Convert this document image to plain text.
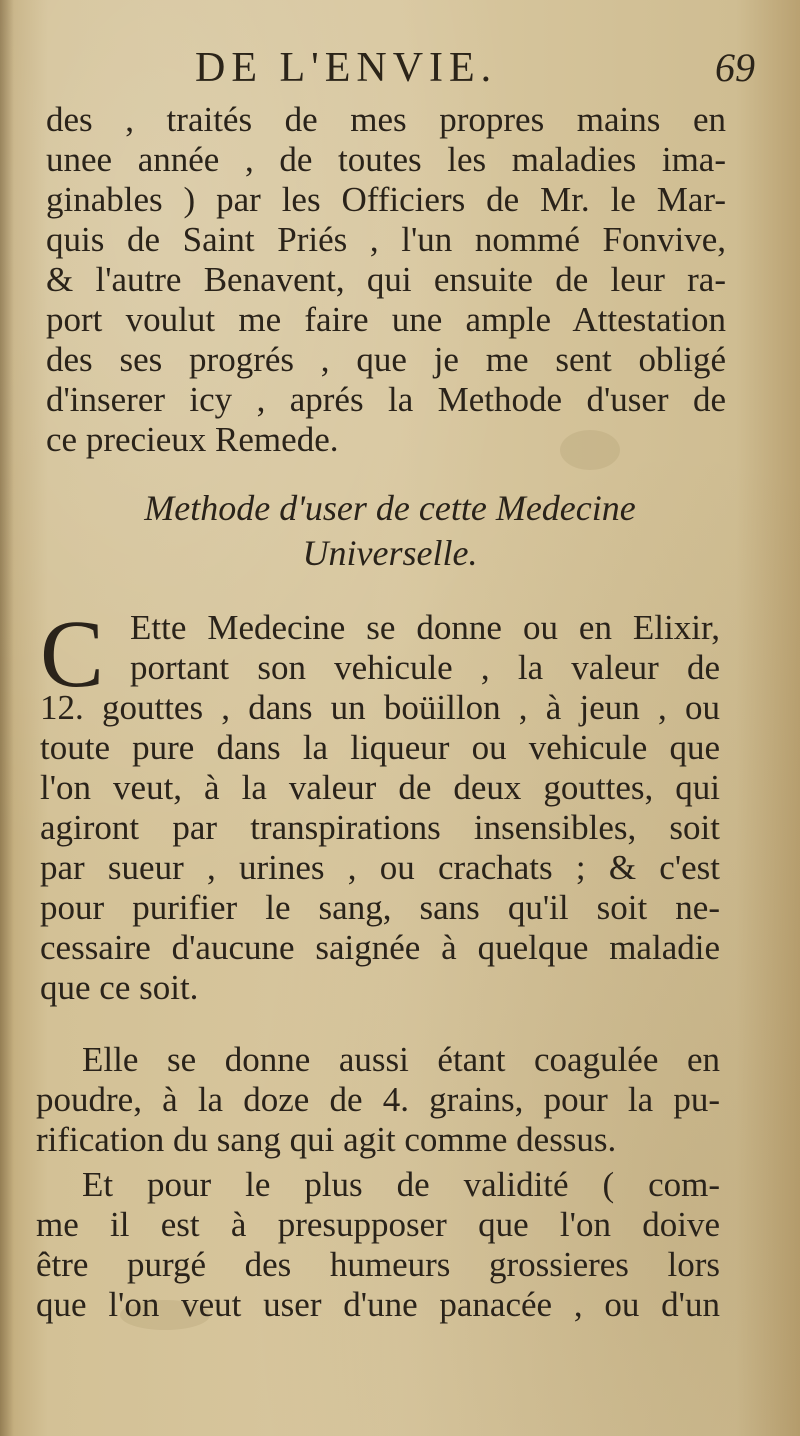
DE L'ENVIE.	69
des , traités de mes propres mains en
unee année , de toutes les maladies ima-
ginables ) par les Officiers de Mr. le Mar-
quis de Saint Priés , l'un nommé Fonvive,
& l'autre Benavent, qui ensuite de leur ra-
port voulut me faire une ample Attestation
des ses progrés , que je me sent obligé
d'inserer icy , aprés la Methode d'user de
ce precieux Remede.
Methode d'user de cette Medecine
Universelle.
C Ette Medecine se donne ou en Elixir,
portant son vehicule , la valeur de
12. gouttes , dans un boüillon , à jeun , ou
toute pure dans la liqueur ou vehicule que
l'on veut, à la valeur de deux gouttes, qui
agiront par transpirations insensibles, soit
par sueur , urines , ou crachats ; & c'est
pour purifier le sang, sans qu'il soit ne-
cessaire d'aucune saignée à quelque maladie
que ce soit.
Elle se donne aussi étant coagulée en
poudre, à la doze de 4. grains, pour la pu-
rification du sang qui agit comme dessus.
Et pour le plus de validité ( com-
me il est à presupposer que l'on doive
être purgé des humeurs grossieres lors
que l'on veut user d'une panacée , ou d'un
